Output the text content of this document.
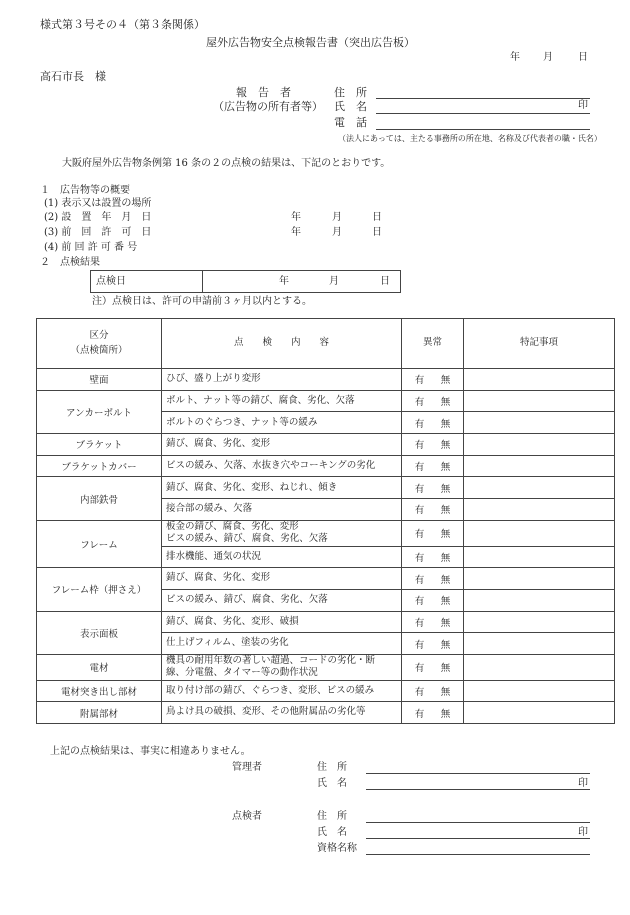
様式第３号その４（第３条関係）
屋外広告物安全点検報告書（突出広告板）
年 月	日
高石市長　様
報　告　者
（広告物の所有者等）
住　所
氏　名	印
電　話
（法人にあっては、主たる事務所の所在地、名称及び代表者の職・氏名）
大阪府屋外広告物条例第 16 条の２の点検の結果は、下記のとおりです。
１　広告物等の概要
(1) 表示又は設置の場所
(2) 設　置　年　月　日	年	月	日
(3) 前　回　許　可　日	年	月	日
(4) 前 回 許 可 番 号
２　点検結果
点検日	年	月	日
注）点検日は、許可の申請前３ヶ月以内とする。
区分
（点検箇所）	点　　検　　内　　容	異常	特記事項
壁面	ひび、盛り上がり変形	有 無	
アンカーボルト	ボルト、ナット等の錆び、腐食、劣化、欠落	有 無	
	ボルトのぐらつき、ナット等の緩み	有 無	
ブラケット	錆び、腐食、劣化、変形	有 無	
ブラケットカバー	ビスの緩み、欠落、水抜き穴やコーキングの劣化	有 無	
内部鉄骨	錆び、腐食、劣化、変形、ねじれ、傾き	有 無	
	接合部の緩み、欠落	有 無	
フレーム	板金の錆び、腐食、劣化、変形
ビスの緩み、錆び、腐食、劣化、欠落	有 無	
	排水機能、通気の状況	有 無	
フレーム枠（押さえ）	錆び、腐食、劣化、変形	有 無	
	ビスの緩み、錆び、腐食、劣化、欠落	有 無	
表示面板	錆び、腐食、劣化、変形、破損	有 無	
	仕上げフィルム、塗装の劣化	有 無	
電材	機具の耐用年数の著しい超過、コードの劣化・断
線、分電盤、タイマー等の動作状況	有 無	
電材突き出し部材	取り付け部の錆び、ぐらつき、変形、ビスの緩み	有 無	
附属部材	鳥よけ具の破損、変形、その他附属品の劣化等	有 無	
上記の点検結果は、事実に相違ありません。
管理者	住　所
氏　名	印
点検者	住　所
氏　名	印
資格名称
